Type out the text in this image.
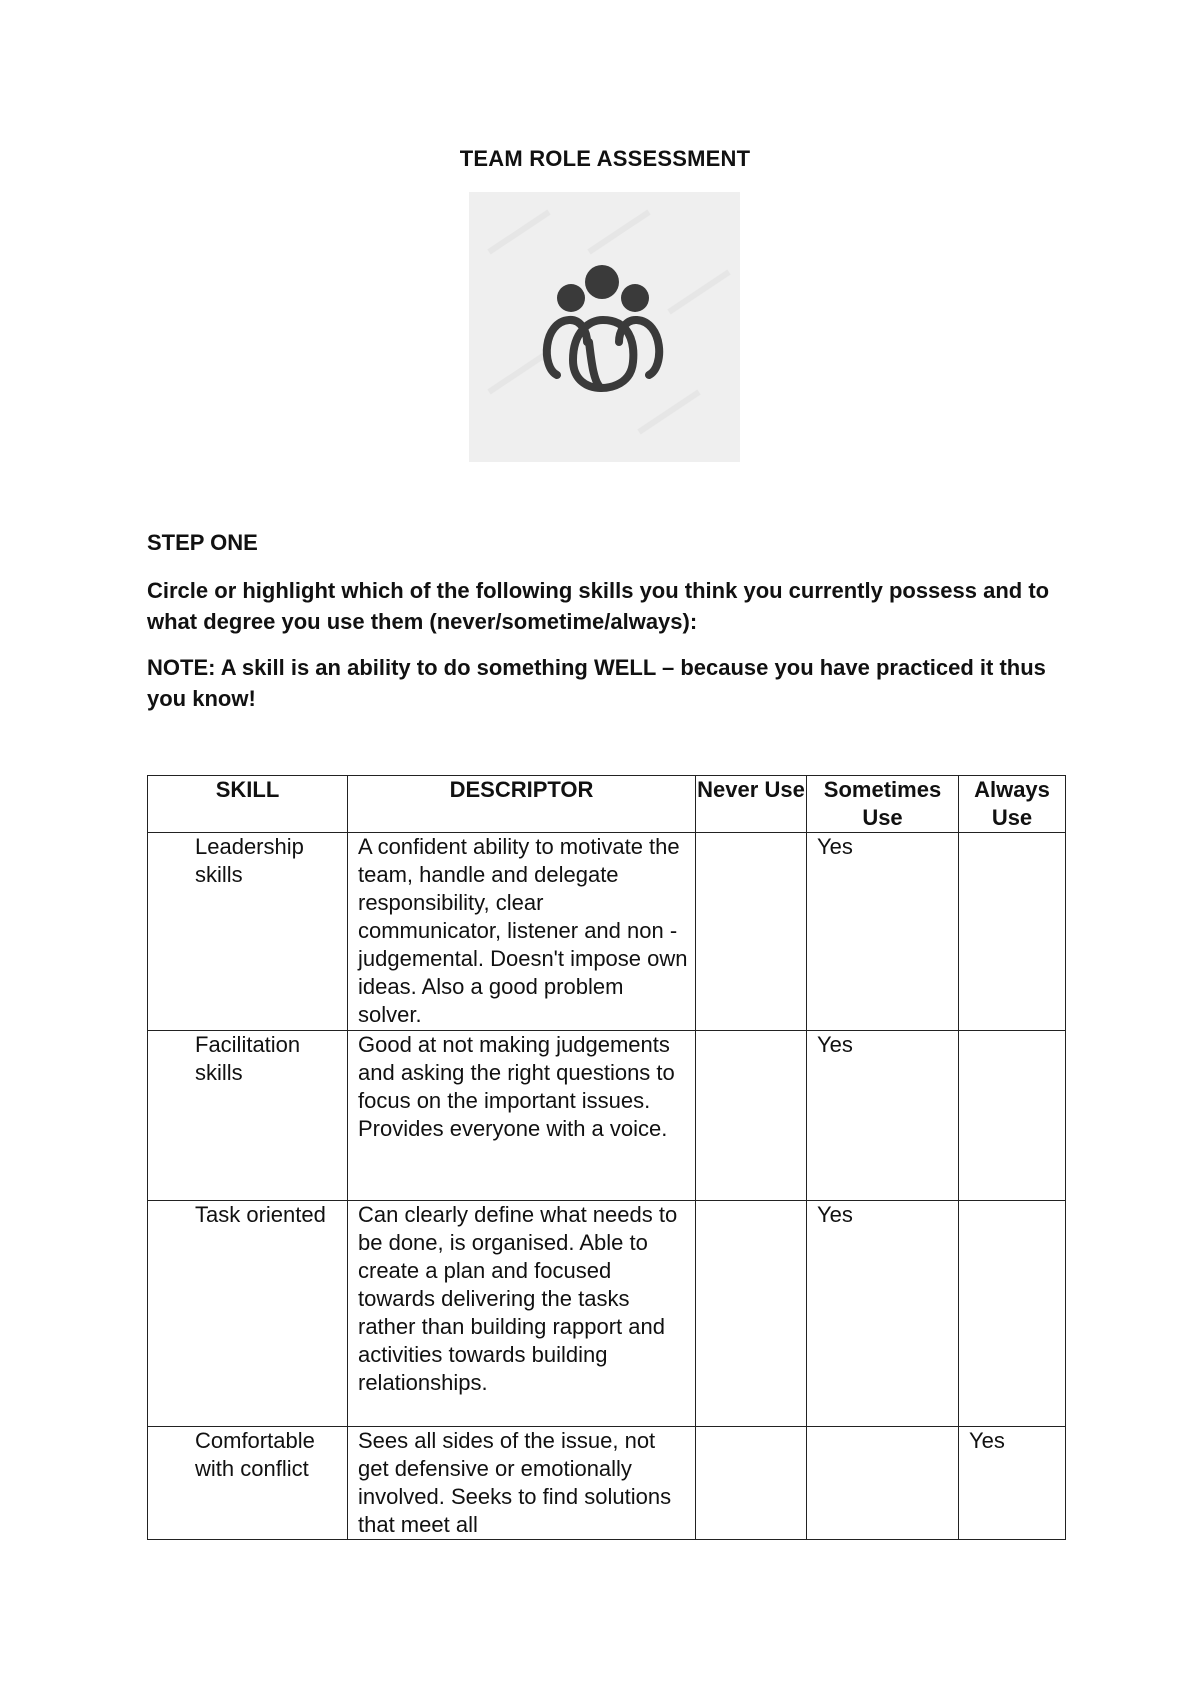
TEAM ROLE ASSESSMENT
STEP ONE
Circle or highlight which of the following skills you think you currently possess and to what degree you use them (never/sometime/always):
NOTE: A skill is an ability to do something WELL – because you have practiced it thus you know!
SKILL	DESCRIPTOR	Never Use	Sometimes Use	Always Use
Leadership skills	A confident ability to motivate the team, handle and delegate responsibility, clear communicator, listener and non -judgemental. Doesn't impose own ideas. Also a good problem solver.		Yes	
Facilitation skills	Good at not making judgements and asking the right questions to focus on the important issues. Provides everyone with a voice.		Yes	
Task oriented	Can clearly define what needs to be done, is organised. Able to create a plan and focused towards delivering the tasks rather than building rapport and activities towards building relationships.		Yes	
Comfortable with conflict	Sees all sides of the issue, not get defensive or emotionally involved. Seeks to find solutions that meet all			Yes
